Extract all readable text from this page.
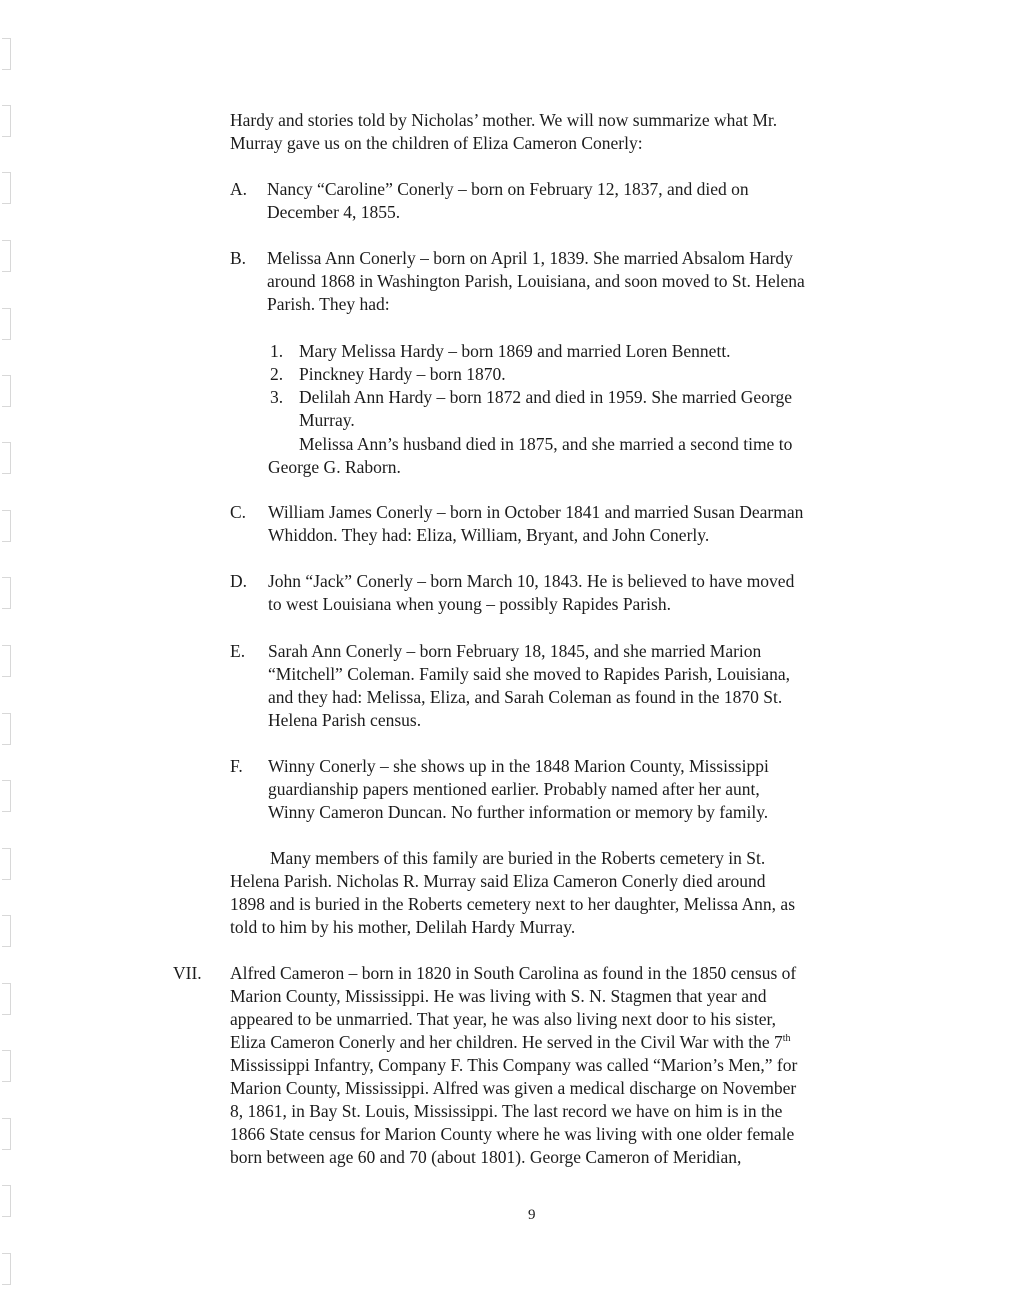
Hardy and stories told by Nicholas’ mother. We will now summarize what Mr.
Murray gave us on the children of Eliza Cameron Conerly:
A. Nancy “Caroline” Conerly – born on February 12, 1837, and died on
December 4, 1855.
B. Melissa Ann Conerly – born on April 1, 1839. She married Absalom Hardy
around 1868 in Washington Parish, Louisiana, and soon moved to St. Helena
Parish. They had:
1. Mary Melissa Hardy – born 1869 and married Loren Bennett.
2. Pinckney Hardy – born 1870.
3. Delilah Ann Hardy – born 1872 and died in 1959. She married George
Murray.
Melissa Ann’s husband died in 1875, and she married a second time to
George G. Raborn.
C. William James Conerly – born in October 1841 and married Susan Dearman
Whiddon. They had: Eliza, William, Bryant, and John Conerly.
D. John “Jack” Conerly – born March 10, 1843. He is believed to have moved
to west Louisiana when young – possibly Rapides Parish.
E. Sarah Ann Conerly – born February 18, 1845, and she married Marion
“Mitchell” Coleman. Family said she moved to Rapides Parish, Louisiana,
and they had: Melissa, Eliza, and Sarah Coleman as found in the 1870 St.
Helena Parish census.
F. Winny Conerly – she shows up in the 1848 Marion County, Mississippi
guardianship papers mentioned earlier. Probably named after her aunt,
Winny Cameron Duncan. No further information or memory by family.
Many members of this family are buried in the Roberts cemetery in St.
Helena Parish. Nicholas R. Murray said Eliza Cameron Conerly died around
1898 and is buried in the Roberts cemetery next to her daughter, Melissa Ann, as
told to him by his mother, Delilah Hardy Murray.
VII. Alfred Cameron – born in 1820 in South Carolina as found in the 1850 census of
Marion County, Mississippi. He was living with S. N. Stagmen that year and
appeared to be unmarried. That year, he was also living next door to his sister,
Eliza Cameron Conerly and her children. He served in the Civil War with the 7th
Mississippi Infantry, Company F. This Company was called “Marion’s Men,” for
Marion County, Mississippi. Alfred was given a medical discharge on November
8, 1861, in Bay St. Louis, Mississippi. The last record we have on him is in the
1866 State census for Marion County where he was living with one older female
born between age 60 and 70 (about 1801). George Cameron of Meridian,
9
